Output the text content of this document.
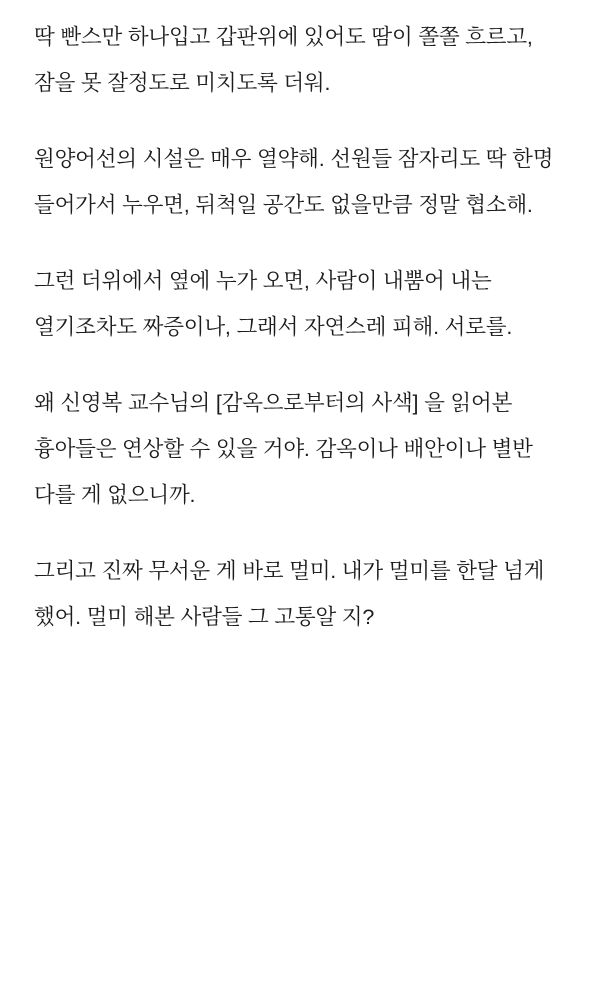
딱 빤스만 하나입고 갑판위에 있어도 땀이 쫄쫄 흐르고, 잠을 못 잘정도로 미치도록 더워.

원양어선의 시설은 매우 열약해. 선원들 잠자리도 딱 한명 들어가서 누우면, 뒤척일 공간도 없을만큼 정말 협소해.

그런 더위에서 옆에 누가 오면, 사람이 내뿜어 내는 열기조차도 짜증이나, 그래서 자연스레 피해. 서로를.

왜 신영복 교수님의 [감옥으로부터의 사색] 을 읽어본 흉아들은 연상할 수 있을 거야. 감옥이나 배안이나 별반 다를 게 없으니까.

그리고 진짜 무서운 게 바로 멀미. 내가 멀미를 한달 넘게 했어. 멀미 해본 사람들 그 고통알 지?
